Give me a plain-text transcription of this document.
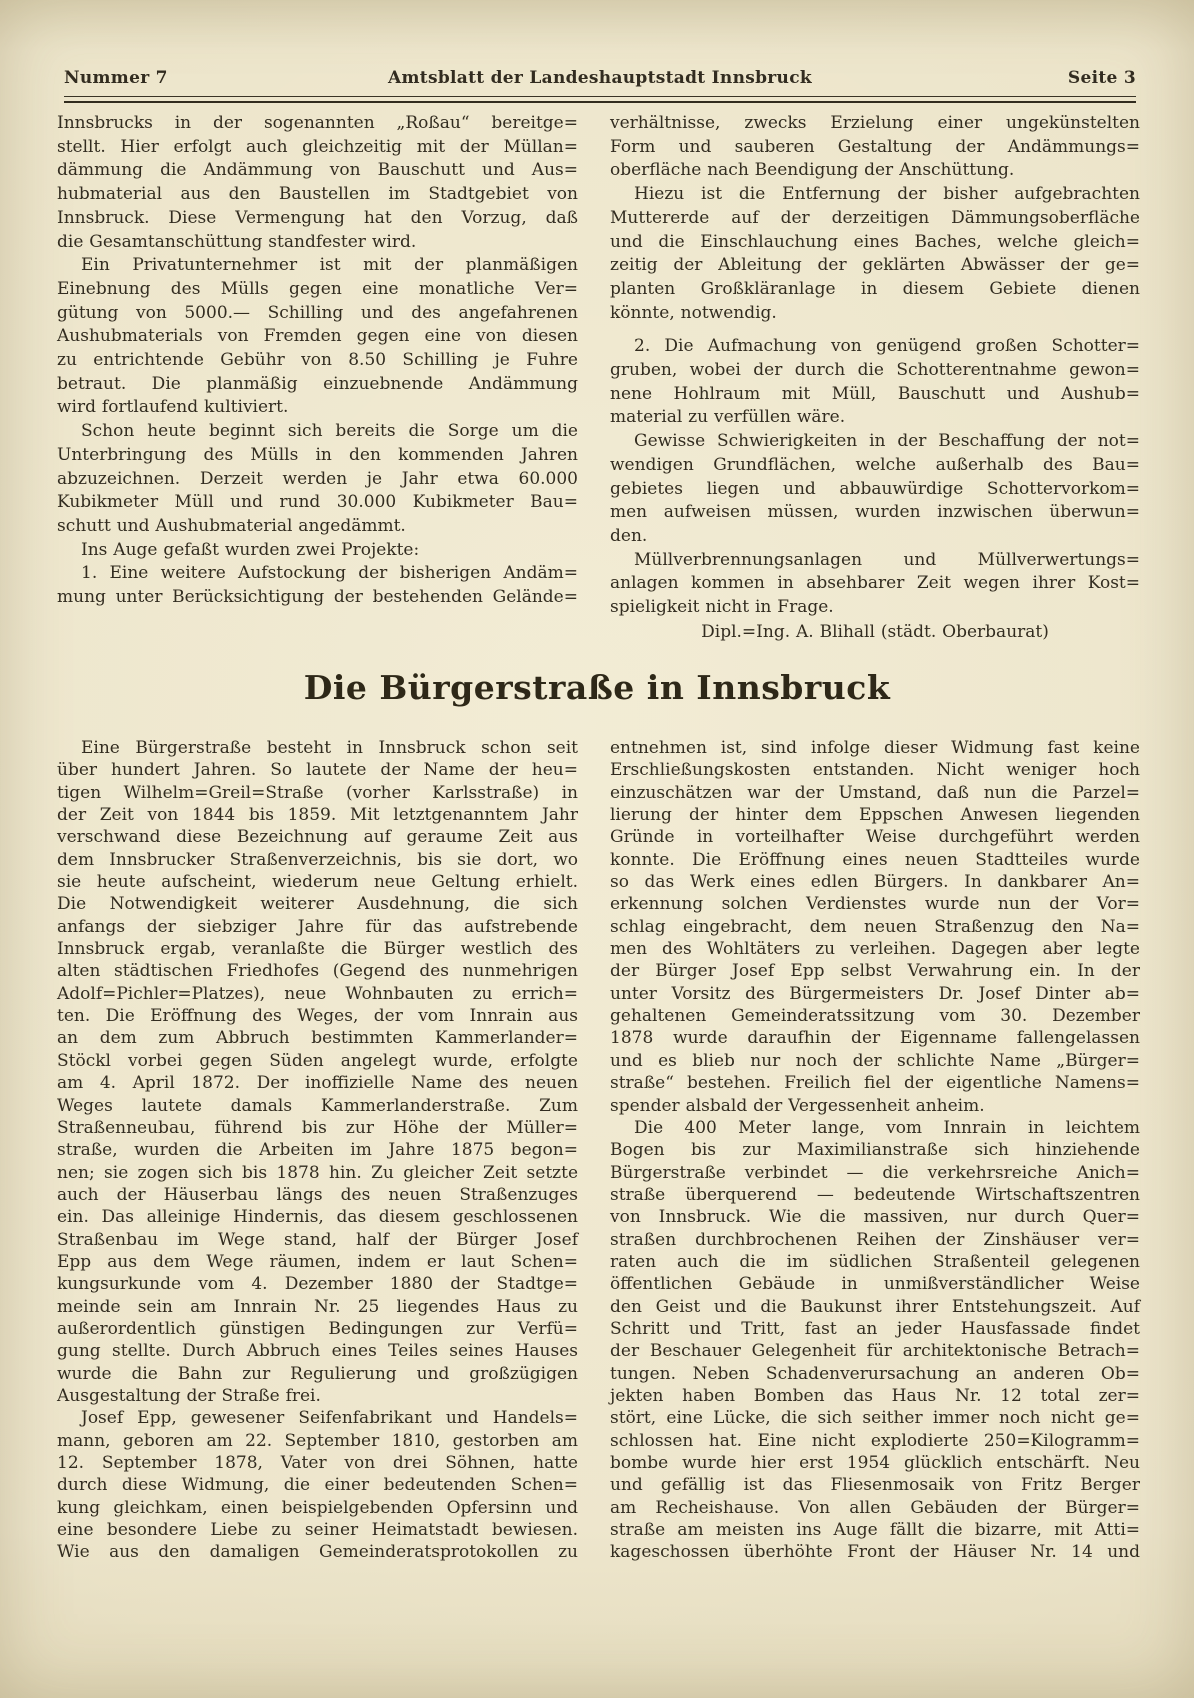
Nummer 7	Amtsblatt der Landeshauptstadt Innsbruck	Seite 3
Innsbrucks in der sogenannten „Roßau“ bereitge=
stellt. Hier erfolgt auch gleichzeitig mit der Müllan=
dämmung die Andämmung von Bauschutt und Aus=
hubmaterial aus den Baustellen im Stadtgebiet von
Innsbruck. Diese Vermengung hat den Vorzug, daß
die Gesamtanschüttung standfester wird.
Ein Privatunternehmer ist mit der planmäßigen
Einebnung des Mülls gegen eine monatliche Ver=
gütung von 5000.— Schilling und des angefahrenen
Aushubmaterials von Fremden gegen eine von diesen
zu entrichtende Gebühr von 8.50 Schilling je Fuhre
betraut. Die planmäßig einzuebnende Andämmung
wird fortlaufend kultiviert.
Schon heute beginnt sich bereits die Sorge um die
Unterbringung des Mülls in den kommenden Jahren
abzuzeichnen. Derzeit werden je Jahr etwa 60.000
Kubikmeter Müll und rund 30.000 Kubikmeter Bau=
schutt und Aushubmaterial angedämmt.
Ins Auge gefaßt wurden zwei Projekte:
1. Eine weitere Aufstockung der bisherigen Andäm=
mung unter Berücksichtigung der bestehenden Gelände=
verhältnisse, zwecks Erzielung einer ungekünstelten
Form und sauberen Gestaltung der Andämmungs=
oberfläche nach Beendigung der Anschüttung.
Hiezu ist die Entfernung der bisher aufgebrachten
Muttererde auf der derzeitigen Dämmungsoberfläche
und die Einschlauchung eines Baches, welche gleich=
zeitig der Ableitung der geklärten Abwässer der ge=
planten Großkläranlage in diesem Gebiete dienen
könnte, notwendig.
2. Die Aufmachung von genügend großen Schotter=
gruben, wobei der durch die Schotterentnahme gewon=
nene Hohlraum mit Müll, Bauschutt und Aushub=
material zu verfüllen wäre.
Gewisse Schwierigkeiten in der Beschaffung der not=
wendigen Grundflächen, welche außerhalb des Bau=
gebietes liegen und abbauwürdige Schottervorkom=
men aufweisen müssen, wurden inzwischen überwun=
den.
Müllverbrennungsanlagen und Müllverwertungs=
anlagen kommen in absehbarer Zeit wegen ihrer Kost=
spieligkeit nicht in Frage.
Dipl.=Ing. A. Blihall (städt. Oberbaurat)
Die Bürgerstraße in Innsbruck
Eine Bürgerstraße besteht in Innsbruck schon seit
über hundert Jahren. So lautete der Name der heu=
tigen Wilhelm=Greil=Straße (vorher Karlsstraße) in
der Zeit von 1844 bis 1859. Mit letztgenanntem Jahr
verschwand diese Bezeichnung auf geraume Zeit aus
dem Innsbrucker Straßenverzeichnis, bis sie dort, wo
sie heute aufscheint, wiederum neue Geltung erhielt.
Die Notwendigkeit weiterer Ausdehnung, die sich
anfangs der siebziger Jahre für das aufstrebende
Innsbruck ergab, veranlaßte die Bürger westlich des
alten städtischen Friedhofes (Gegend des nunmehrigen
Adolf=Pichler=Platzes), neue Wohnbauten zu errich=
ten. Die Eröffnung des Weges, der vom Innrain aus
an dem zum Abbruch bestimmten Kammerlander=
Stöckl vorbei gegen Süden angelegt wurde, erfolgte
am 4. April 1872. Der inoffizielle Name des neuen
Weges lautete damals Kammerlanderstraße. Zum
Straßenneubau, führend bis zur Höhe der Müller=
straße, wurden die Arbeiten im Jahre 1875 begon=
nen; sie zogen sich bis 1878 hin. Zu gleicher Zeit setzte
auch der Häuserbau längs des neuen Straßenzuges
ein. Das alleinige Hindernis, das diesem geschlossenen
Straßenbau im Wege stand, half der Bürger Josef
Epp aus dem Wege räumen, indem er laut Schen=
kungsurkunde vom 4. Dezember 1880 der Stadtge=
meinde sein am Innrain Nr. 25 liegendes Haus zu
außerordentlich günstigen Bedingungen zur Verfü=
gung stellte. Durch Abbruch eines Teiles seines Hauses
wurde die Bahn zur Regulierung und großzügigen
Ausgestaltung der Straße frei.
Josef Epp, gewesener Seifenfabrikant und Handels=
mann, geboren am 22. September 1810, gestorben am
12. September 1878, Vater von drei Söhnen, hatte
durch diese Widmung, die einer bedeutenden Schen=
kung gleichkam, einen beispielgebenden Opfersinn und
eine besondere Liebe zu seiner Heimatstadt bewiesen.
Wie aus den damaligen Gemeinderatsprotokollen zu
entnehmen ist, sind infolge dieser Widmung fast keine
Erschließungskosten entstanden. Nicht weniger hoch
einzuschätzen war der Umstand, daß nun die Parzel=
lierung der hinter dem Eppschen Anwesen liegenden
Gründe in vorteilhafter Weise durchgeführt werden
konnte. Die Eröffnung eines neuen Stadtteiles wurde
so das Werk eines edlen Bürgers. In dankbarer An=
erkennung solchen Verdienstes wurde nun der Vor=
schlag eingebracht, dem neuen Straßenzug den Na=
men des Wohltäters zu verleihen. Dagegen aber legte
der Bürger Josef Epp selbst Verwahrung ein. In der
unter Vorsitz des Bürgermeisters Dr. Josef Dinter ab=
gehaltenen Gemeinderatssitzung vom 30. Dezember
1878 wurde daraufhin der Eigenname fallengelassen
und es blieb nur noch der schlichte Name „Bürger=
straße“ bestehen. Freilich fiel der eigentliche Namens=
spender alsbald der Vergessenheit anheim.
Die 400 Meter lange, vom Innrain in leichtem
Bogen bis zur Maximilianstraße sich hinziehende
Bürgerstraße verbindet — die verkehrsreiche Anich=
straße überquerend — bedeutende Wirtschaftszentren
von Innsbruck. Wie die massiven, nur durch Quer=
straßen durchbrochenen Reihen der Zinshäuser ver=
raten auch die im südlichen Straßenteil gelegenen
öffentlichen Gebäude in unmißverständlicher Weise
den Geist und die Baukunst ihrer Entstehungszeit. Auf
Schritt und Tritt, fast an jeder Hausfassade findet
der Beschauer Gelegenheit für architektonische Betrach=
tungen. Neben Schadenverursachung an anderen Ob=
jekten haben Bomben das Haus Nr. 12 total zer=
stört, eine Lücke, die sich seither immer noch nicht ge=
schlossen hat. Eine nicht explodierte 250=Kilogramm=
bombe wurde hier erst 1954 glücklich entschärft. Neu
und gefällig ist das Fliesenmosaik von Fritz Berger
am Recheishause. Von allen Gebäuden der Bürger=
straße am meisten ins Auge fällt die bizarre, mit Atti=
kageschossen überhöhte Front der Häuser Nr. 14 und
